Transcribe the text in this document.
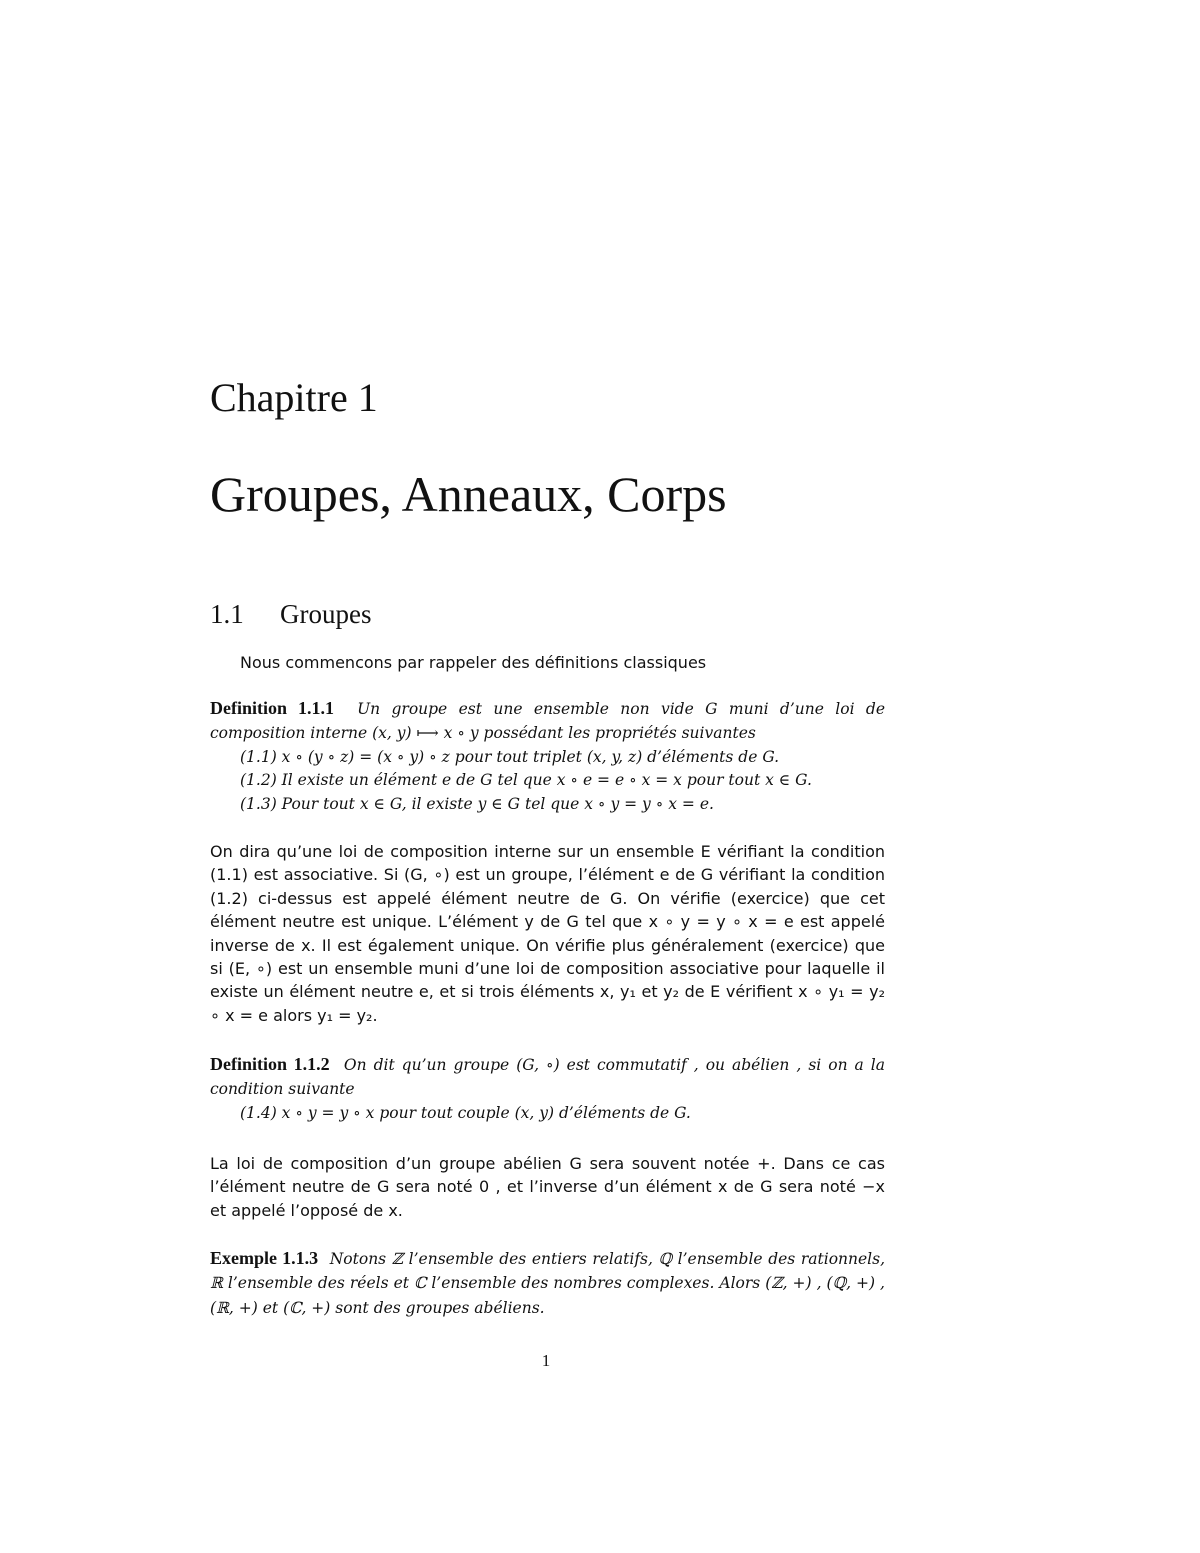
Chapitre 1
Groupes, Anneaux, Corps
1.1 Groupes

Nous commencons par rappeler des définitions classiques

Definition 1.1.1 Un groupe est une ensemble non vide G muni d’une loi de composition interne (x, y) ⟼ x ∘ y possédant les propriétés suivantes
(1.1) x ∘ (y ∘ z) = (x ∘ y) ∘ z pour tout triplet (x, y, z) d’éléments de G.
(1.2) Il existe un élément e de G tel que x ∘ e = e ∘ x = x pour tout x ∈ G.
(1.3) Pour tout x ∈ G, il existe y ∈ G tel que x ∘ y = y ∘ x = e.

On dira qu’une loi de composition interne sur un ensemble E vérifiant la condition (1.1) est associative. Si (G, ∘) est un groupe, l’élément e de G vérifiant la condition (1.2) ci-dessus est appelé élément neutre de G. On vérifie (exercice) que cet élément neutre est unique. L’élément y de G tel que x ∘ y = y ∘ x = e est appelé inverse de x. Il est également unique. On vérifie plus généralement (exercice) que si (E, ∘) est un ensemble muni d’une loi de composition associative pour laquelle il existe un élément neutre e, et si trois éléments x, y₁ et y₂ de E vérifient x ∘ y₁ = y₂ ∘ x = e alors y₁ = y₂.

Definition 1.1.2 On dit qu’un groupe (G, ∘) est commutatif , ou abélien , si on a la condition suivante
(1.4) x ∘ y = y ∘ x pour tout couple (x, y) d’éléments de G.

La loi de composition d’un groupe abélien G sera souvent notée +. Dans ce cas l’élément neutre de G sera noté 0 , et l’inverse d’un élément x de G sera noté −x et appelé l’opposé de x.

Exemple 1.1.3 Notons ℤ l’ensemble des entiers relatifs, ℚ l’ensemble des rationnels, ℝ l’ensemble des réels et ℂ l’ensemble des nombres complexes. Alors (ℤ, +) , (ℚ, +) , (ℝ, +) et (ℂ, +) sont des groupes abéliens.
1
